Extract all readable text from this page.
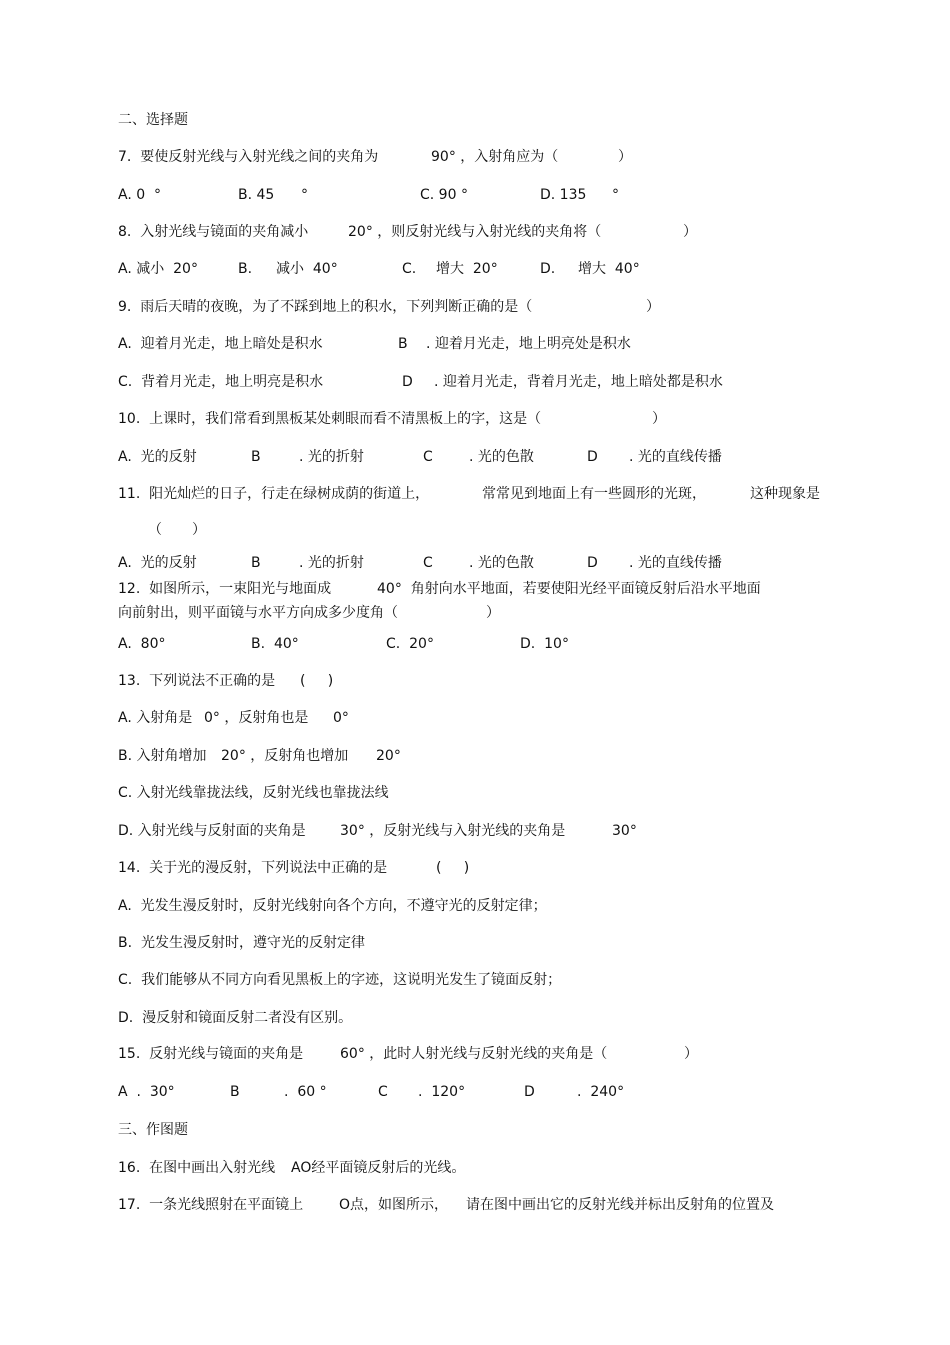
二、选择题

7.  要使反射光线与入射光线之间的夹角为

	90° ，入射角应为（

	）

A. 0  °

	B. 45

°

	C. 90 °

	D. 135

°

8.  入射光线与镜面的夹角减小

	20° ，则反射光线与入射光线的夹角将（

	）

A. 减小  20°

	B.

减小  40°

	C.

增大  20°

	D.

增大  40°

9.  雨后天晴的夜晚，为了不踩到地上的积水，下列判断正确的是（

	）

A.  迎着月光走，地上暗处是积水

	B

. 迎着月光走，地上明亮处是积水

C.  背着月光走，地上明亮是积水

	D

. 迎着月光走，背着月光走，地上暗处都是积水

10.  上课时，我们常看到黑板某处刺眼而看不清黑板上的字，这是（

	）

A.  光的反射

	B

	. 光的折射

	C

	. 光的色散

	D

. 光的直线传播

11.  阳光灿烂的日子，行走在绿树成荫的街道上，

	常常见到地面上有一些圆形的光斑，

	这种现象是

（

）

A.  光的反射

	B

	. 光的折射

	C

	. 光的色散

	D

. 光的直线传播

12.  如图所示，一束阳光与地面成

	40°  角射向水平地面，若要使阳光经平面镜反射后沿水平地面

向前射出，则平面镜与水平方向成多少度角（

	）

A.  80°

	B.  40°

	C.  20°

	D.  10°

13.  下列说法不正确的是

(     )

A. 入射角是

0° ，反射角也是

0°

B. 入射角增加

20° ，反射角也增加

20°

C. 入射光线靠拢法线，反射光线也靠拢法线

D. 入射光线与反射面的夹角是

30° ，反射光线与入射光线的夹角是

	30°

14.  关于光的漫反射，下列说法中正确的是

	(     )

A.  光发生漫反射时，反射光线射向各个方向，不遵守光的反射定律；

B.  光发生漫反射时，遵守光的反射定律

C.  我们能够从不同方向看见黑板上的字迹，这说明光发生了镜面反射；

D.  漫反射和镜面反射二者没有区别。

15.  反射光线与镜面的夹角是

	60° ，此时人射光线与反射光线的夹角是（

	）

A  .  30°

	B

	.  60 °

	C

.  120°

	D

	.  240°

三、作图题

16.  在图中画出入射光线

AO经平面镜反射后的光线。

17.  一条光线照射在平面镜上

	O点，如图所示，

请在图中画出它的反射光线并标出反射角的位置及
